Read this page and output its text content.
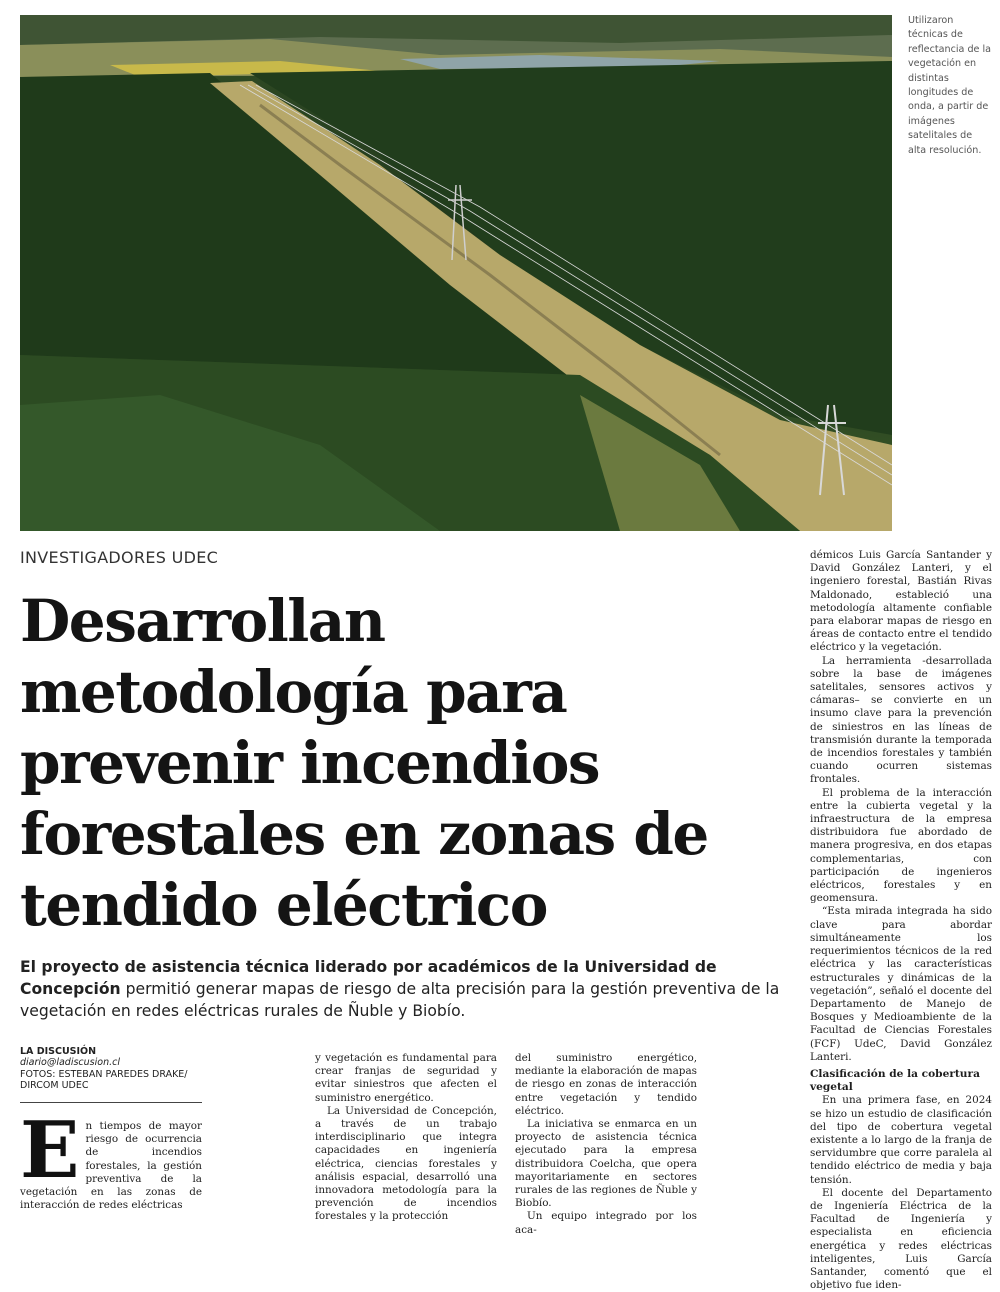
Utilizaron técnicas de reflectancia de la vegetación en distintas longitudes de onda, a partir de imágenes satelitales de alta resolución.
INVESTIGADORES UDEC
Desarrollan metodología para prevenir incendios forestales en zonas de tendido eléctrico

El proyecto de asistencia técnica liderado por académicos de la Universidad de Concepción permitió generar mapas de riesgo de alta precisión para la gestión preventiva de la vegetación en redes eléctricas rurales de Ñuble y Biobío.

LA DISCUSIÓN
diario@ladiscusion.cl
FOTOS: ESTEBAN PAREDES DRAKE/ DIRCOM UDEC
E n tiempos de mayor riesgo de ocurrencia de incendios forestales, la gestión preventiva de la vegetación en las zonas de interacción de redes eléctricas

y vegetación es fundamental para crear franjas de seguridad y evitar siniestros que afecten el suministro energético.

La Universidad de Concepción, a través de un trabajo interdisciplinario que integra capacidades en ingeniería eléctrica, ciencias forestales y análisis espacial, desarrolló una innovadora metodología para la prevención de incendios forestales y la protección

del suministro energético, mediante la elaboración de mapas de riesgo en zonas de interacción entre vegetación y tendido eléctrico.

La iniciativa se enmarca en un proyecto de asistencia técnica ejecutado para la empresa distribuidora Coelcha, que opera mayoritariamente en sectores rurales de las regiones de Ñuble y Biobío.

Un equipo integrado por los aca-

démicos Luis García Santander y David González Lanteri, y el ingeniero forestal, Bastián Rivas Maldonado, estableció una metodología altamente confiable para elaborar mapas de riesgo en áreas de contacto entre el tendido eléctrico y la vegetación.

La herramienta -desarrollada sobre la base de imágenes satelitales, sensores activos y cámaras– se convierte en un insumo clave para la prevención de siniestros en las líneas de transmisión durante la temporada de incendios forestales y también cuando ocurren sistemas frontales.

El problema de la interacción entre la cubierta vegetal y la infraestructura de la empresa distribuidora fue abordado de manera progresiva, en dos etapas complementarias, con participación de ingenieros eléctricos, forestales y en geomensura.

“Esta mirada integrada ha sido clave para abordar simultáneamente los requerimientos técnicos de la red eléctrica y las características estructurales y dinámicas de la vegetación”, señaló el docente del Departamento de Manejo de Bosques y Medioambiente de la Facultad de Ciencias Forestales (FCF) UdeC, David González Lanteri.

Clasificación de la cobertura vegetal

En una primera fase, en 2024 se hizo un estudio de clasificación del tipo de cobertura vegetal existente a lo largo de la franja de servidumbre que corre paralela al tendido eléctrico de media y baja tensión.

El docente del Departamento de Ingeniería Eléctrica de la Facultad de Ingeniería y especialista en eficiencia energética y redes eléctricas inteligentes, Luis García Santander, comentó que el objetivo fue iden-
